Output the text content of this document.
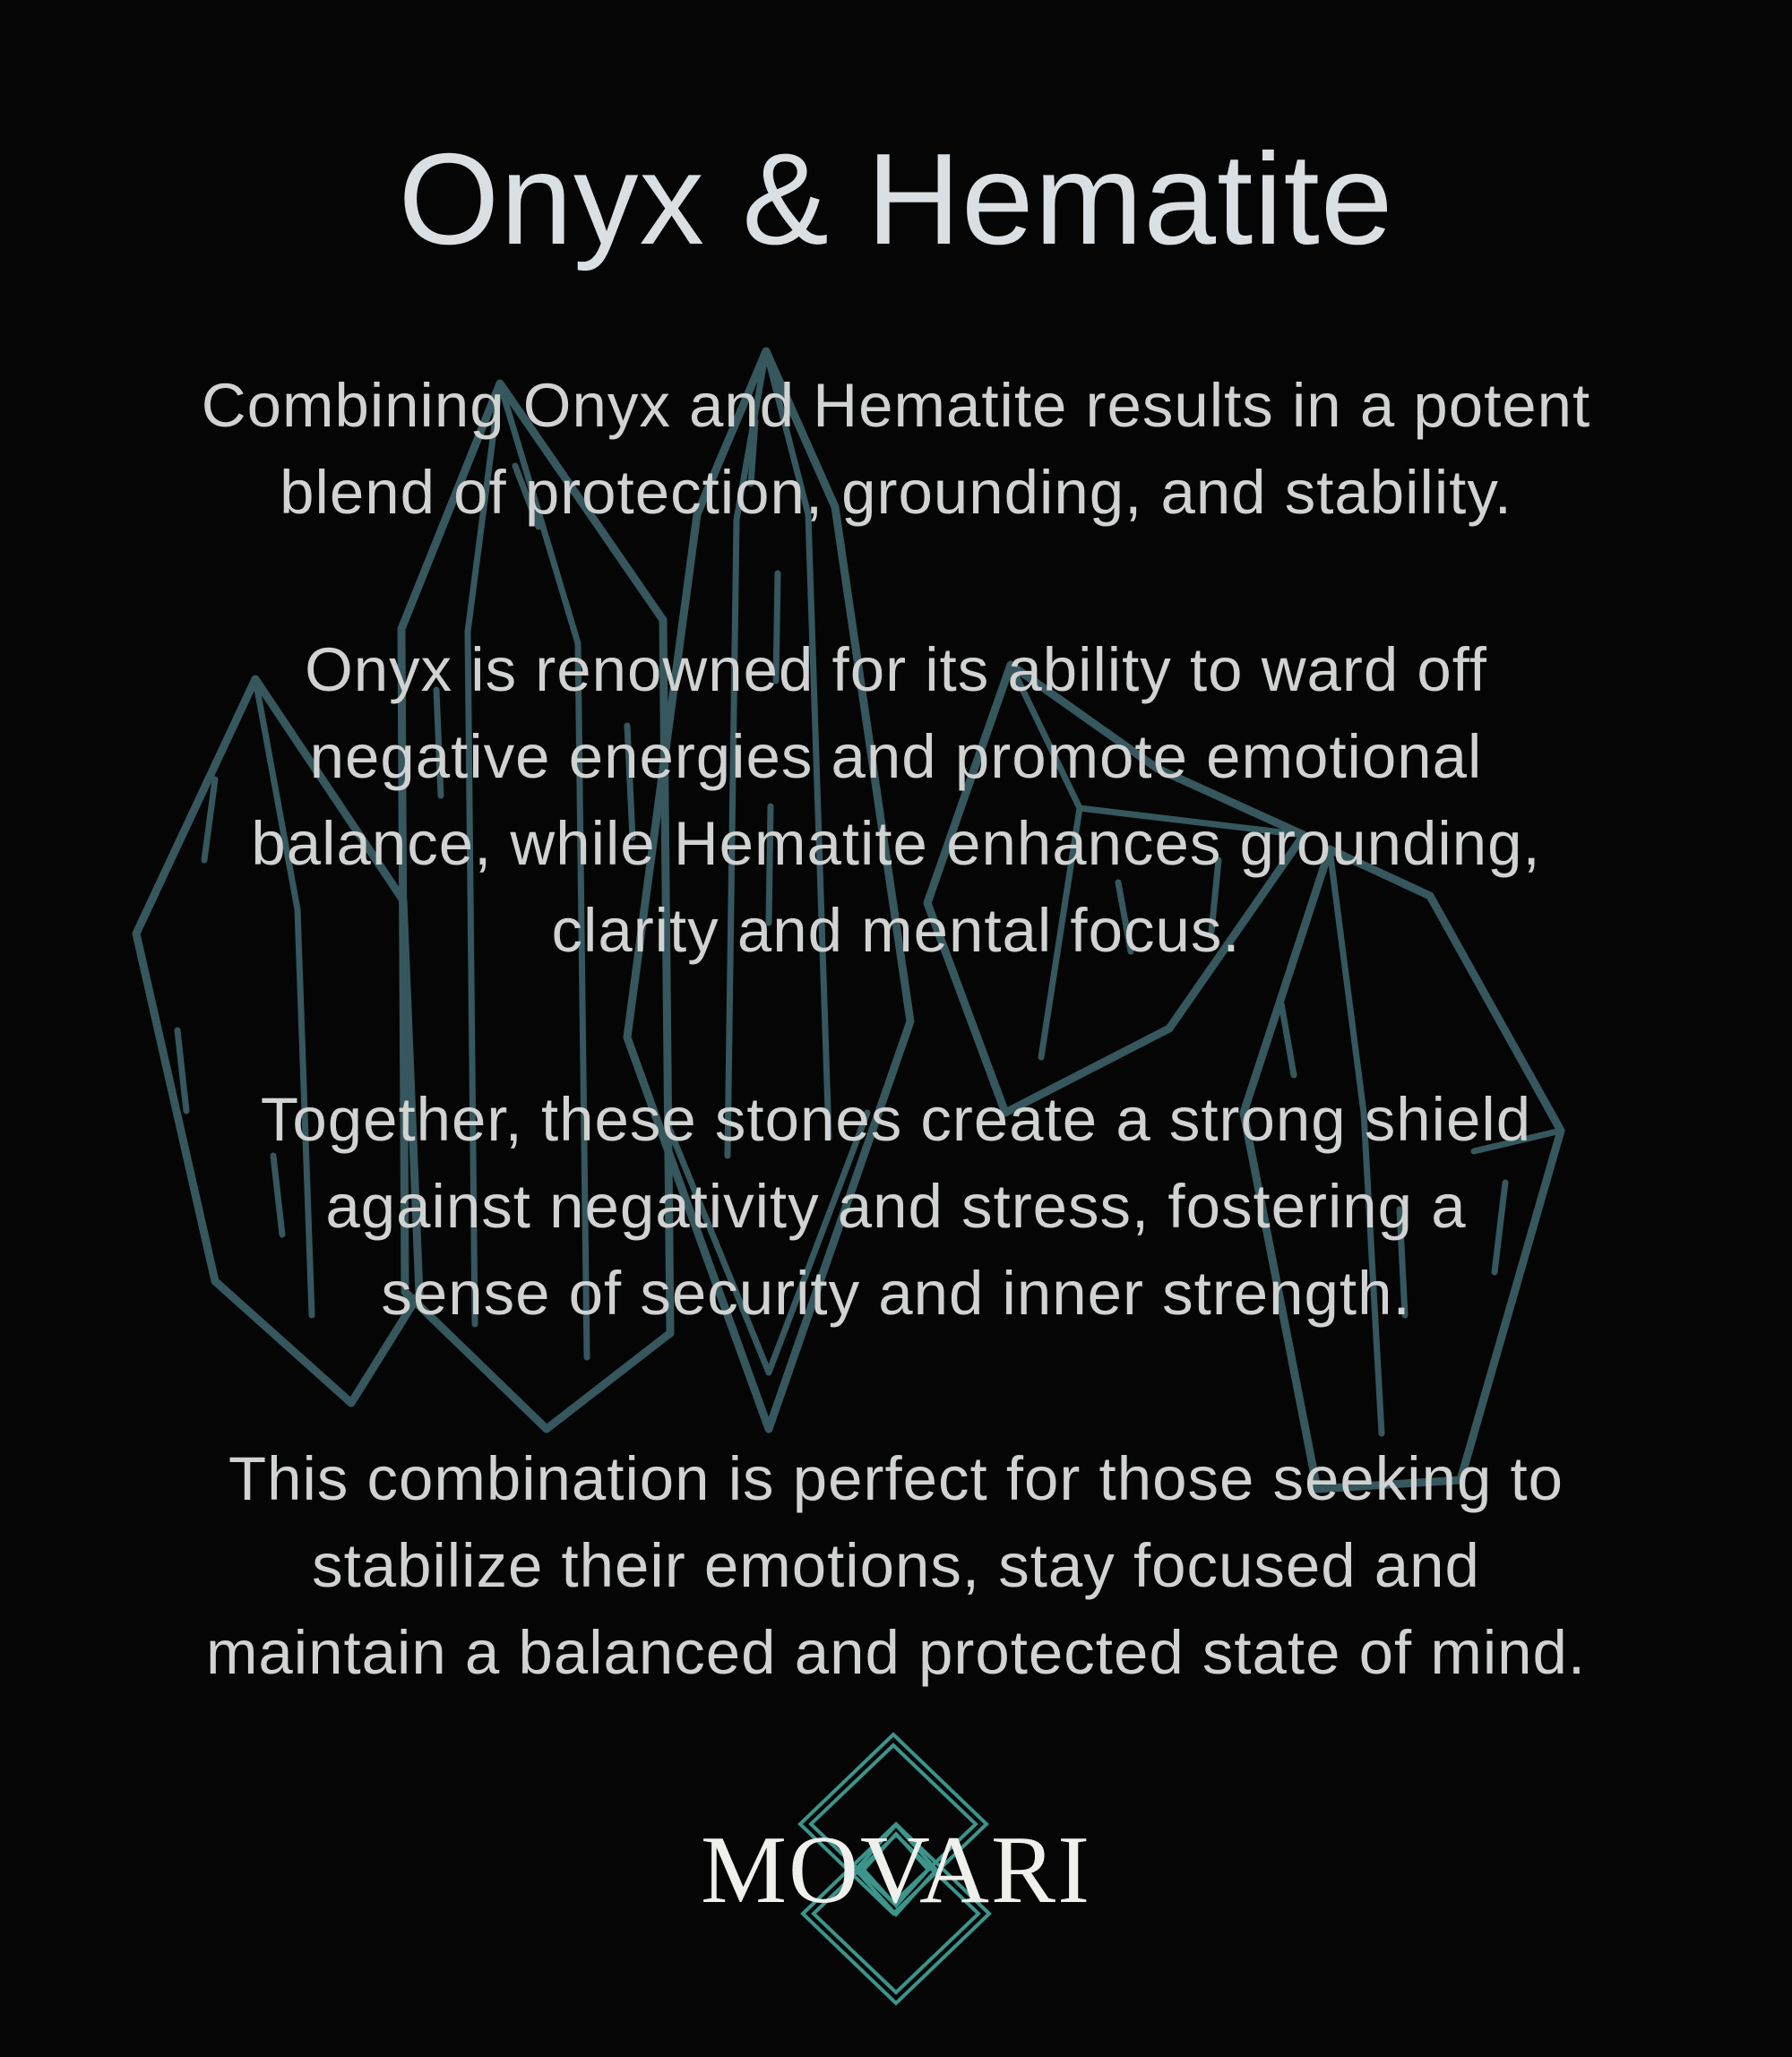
Onyx & Hematite
Combining Onyx and Hematite results in a potent
blend of protection, grounding, and stability.
Onyx is renowned for its ability to ward off
negative energies and promote emotional
balance, while Hematite enhances grounding,
clarity and mental focus.
Together, these stones create a strong shield
against negativity and stress, fostering a
sense of security and inner strength.
This combination is perfect for those seeking to
stabilize their emotions, stay focused and
maintain a balanced and protected state of mind.
MOVARI
